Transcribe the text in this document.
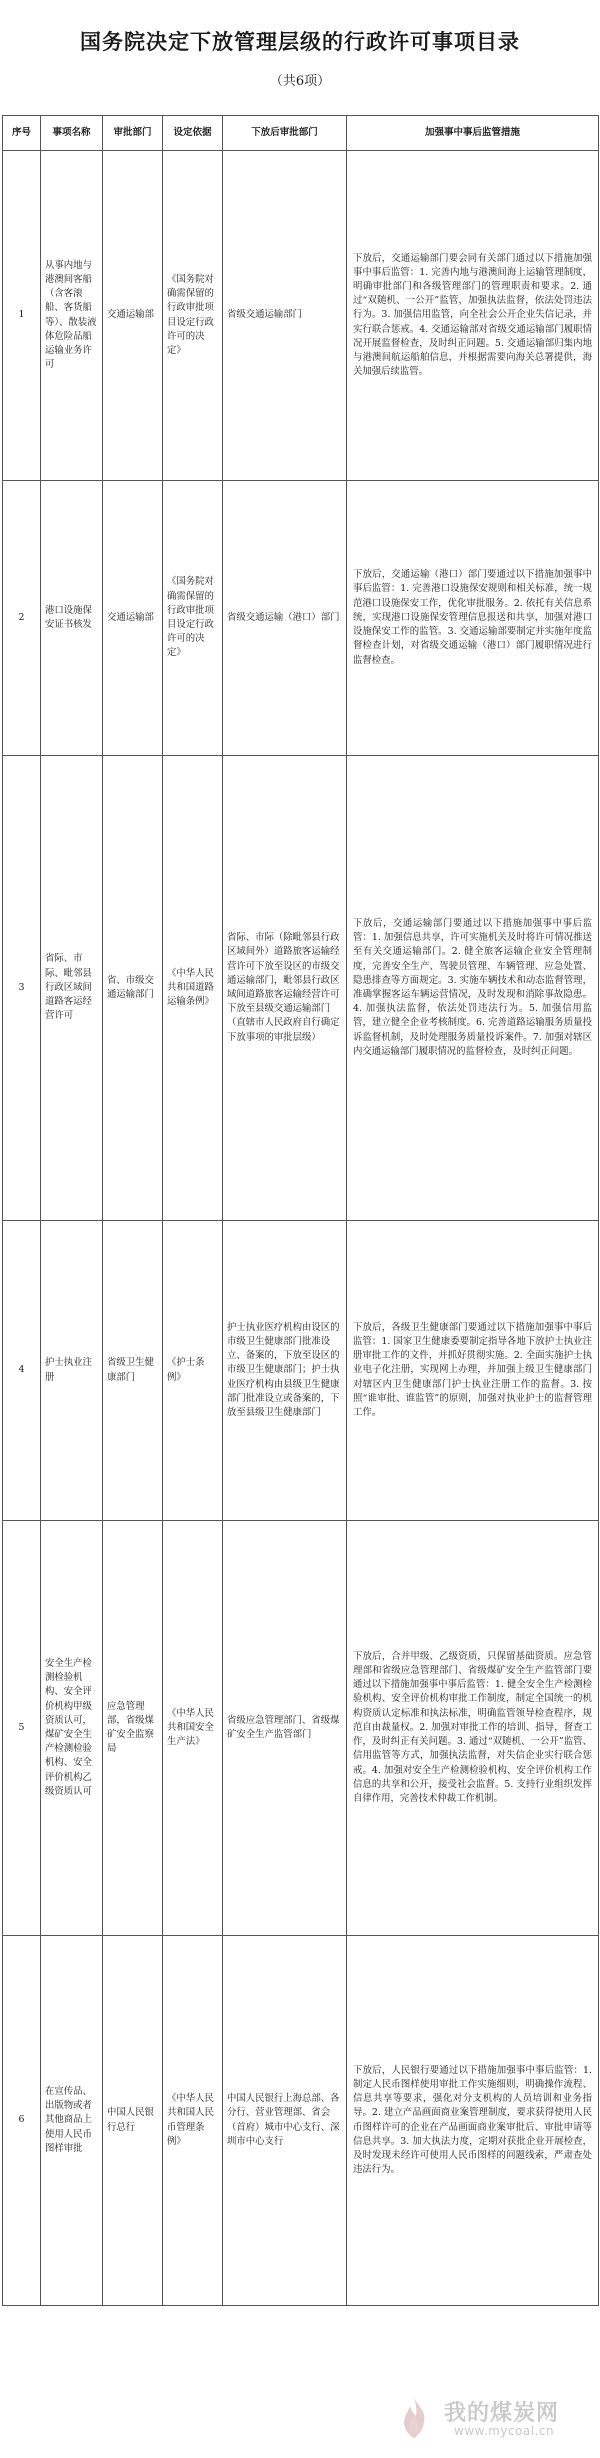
国务院决定下放管理层级的行政许可事项目录
（共6项）
序号	事项名称	审批部门	设定依据	下放后审批部门	加强事中事后监管措施
1	从事内地与港澳间客船（含客滚船、客货船等）、散装液体危险品船运输业务许可	交通运输部	《国务院对确需保留的行政审批项目设定行政许可的决定》	省级交通运输部门	下放后，交通运输部门要会同有关部门通过以下措施加强事中事后监管：1. 完善内地与港澳间海上运输管理制度，明确审批部门和各级管理部门的管理职责和要求。2. 通过“双随机、一公开”监管，加强执法监督，依法处罚违法行为。3. 加强信用监管，向全社会公开企业失信记录，并实行联合惩戒。4. 交通运输部对省级交通运输部门履职情况开展监督检查，及时纠正问题。5. 交通运输部归集内地与港澳间航运船舶信息，并根据需要向海关总署提供，海关加强后续监管。
2	港口设施保安证书核发	交通运输部	《国务院对确需保留的行政审批项目设定行政许可的决定》	省级交通运输（港口）部门	下放后，交通运输（港口）部门要通过以下措施加强事中事后监管：1. 完善港口设施保安规则和相关标准，统一规范港口设施保安工作，优化审批服务。2. 依托有关信息系统，实现港口设施保安管理信息报送和共享，加强对港口设施保安工作的监管。3. 交通运输部要制定并实施年度监督检查计划，对省级交通运输（港口）部门履职情况进行监督检查。
3	省际、市际、毗邻县行政区域间道路客运经营许可	省、市级交通运输部门	《中华人民共和国道路运输条例》	省际、市际（除毗邻县行政区域间外）道路旅客运输经营许可下放至设区的市级交通运输部门，毗邻县行政区域间道路旅客运输经营许可下放至县级交通运输部门（直辖市人民政府自行确定下放事项的审批层级）	下放后，交通运输部门要通过以下措施加强事中事后监管：1. 加强信息共享，许可实施机关及时将许可情况推送至有关交通运输部门。2. 健全旅客运输企业安全管理制度，完善安全生产、驾驶员管理、车辆管理、应急处置、隐患排查等方面规定。3. 实施车辆技术和动态监督管理，准确掌握客运车辆运营情况，及时发现和消除事故隐患。4. 加强执法监督，依法处罚违法行为。5. 加强信用监管，建立健全企业考核制度。6. 完善道路运输服务质量投诉监督机制，及时处理服务质量投诉案件。7. 加强对辖区内交通运输部门履职情况的监督检查，及时纠正问题。
4	护士执业注册	省级卫生健康部门	《护士条例》	护士执业医疗机构由设区的市级卫生健康部门批准设立、备案的，下放至设区的市级卫生健康部门；护士执业医疗机构由县级卫生健康部门批准设立或备案的，下放至县级卫生健康部门	下放后，各级卫生健康部门要通过以下措施加强事中事后监管：1. 国家卫生健康委要制定指导各地下放护士执业注册审批工作的文件，并抓好贯彻实施。2. 全面实施护士执业电子化注册，实现网上办理，并加强上级卫生健康部门对辖区内卫生健康部门护士执业注册工作的监督。3. 按照“谁审批、谁监管”的原则，加强对执业护士的监督管理工作。
5	安全生产检测检验机构、安全评价机构甲级资质认可，煤矿安全生产检测检验机构、安全评价机构乙级资质认可	应急管理部，省级煤矿安全监察局	《中华人民共和国安全生产法》	省级应急管理部门、省级煤矿安全生产监管部门	下放后，合并甲级、乙级资质，只保留基础资质。应急管理部和省级应急管理部门、省级煤矿安全生产监管部门要通过以下措施加强事中事后监管：1. 健全安全生产检测检验机构、安全评价机构审批工作制度，制定全国统一的机构资质认定标准和执法标准，明确监管领导检查程序，规范自由裁量权。2. 加强对审批工作的培训、指导，督查工作，及时纠正有关问题。3. 通过“双随机、一公开”监管、信用监管等方式，加强执法监督，对失信企业实行联合惩戒。4. 加强对安全生产检测检验机构、安全评价机构工作信息的共享和公开，接受社会监督。5. 支持行业组织发挥自律作用，完善技术仲裁工作机制。
6	在宣传品、出版物或者其他商品上使用人民币图样审批	中国人民银行总行	《中华人民共和国人民币管理条例》	中国人民银行上海总部、各分行、营业管理部、省会（首府）城市中心支行、深圳市中心支行	下放后，人民银行要通过以下措施加强事中事后监管：1. 制定人民币图样使用审批工作实施细则，明确操作流程、信息共享等要求，强化对分支机构的人员培训和业务指导。2. 建立产品画面商业案管理制度，要求获得使用人民币图样许可的企业在产品画面商业案审批后、审批申请等信息共享。3. 加大执法力度，定期对获批企业开展检查，及时发现未经许可使用人民币图样的问题线索，严肃查处违法行为。
我的煤炭网
www.mycoal.cn
